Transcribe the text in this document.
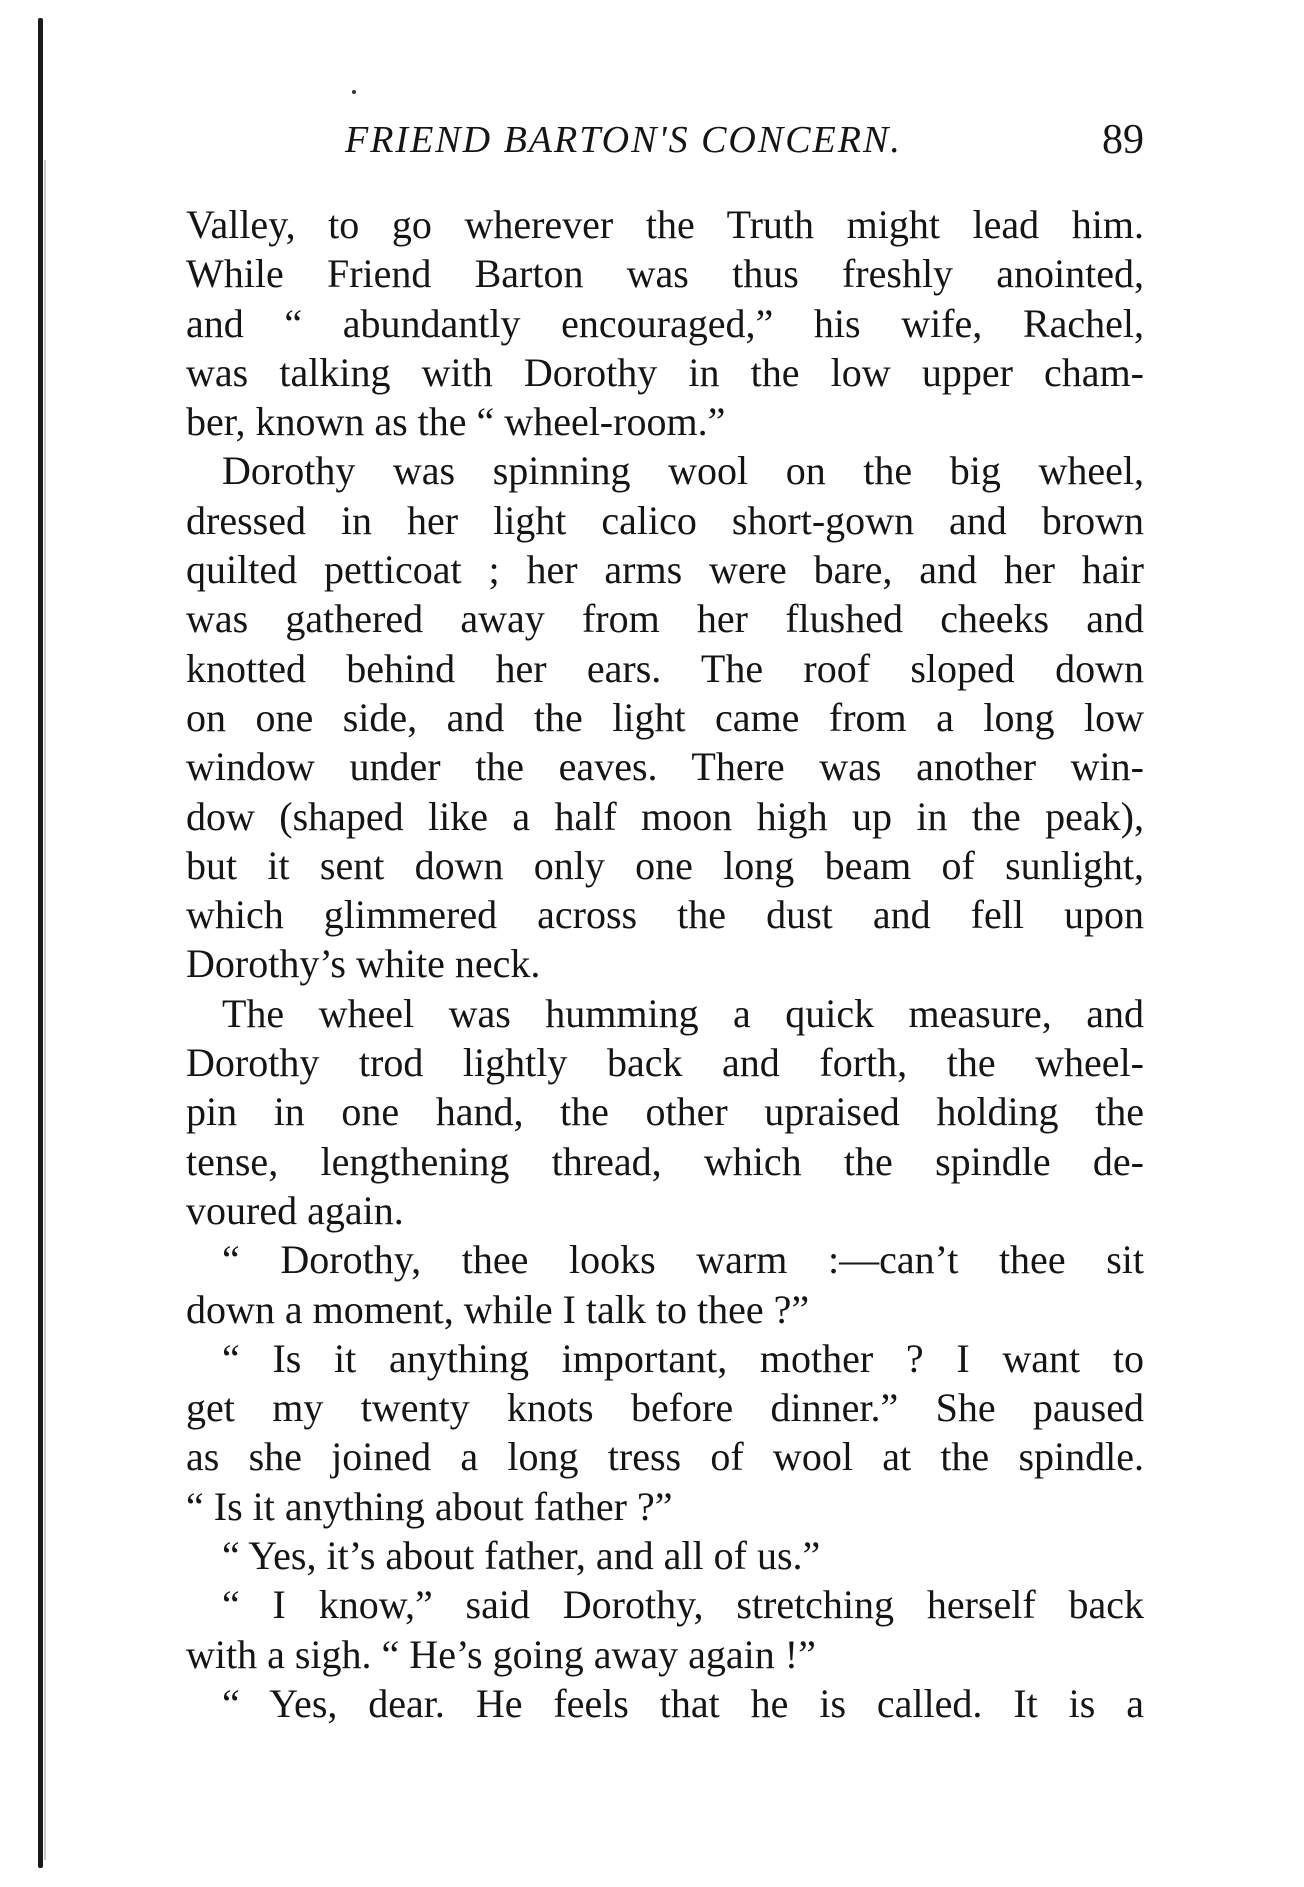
FRIEND BARTON'S CONCERN.	89
Valley, to go wherever the Truth might lead him.
While Friend Barton was thus freshly anointed,
and “ abundantly encouraged,” his wife, Rachel,
was talking with Dorothy in the low upper cham-
ber, known as the “ wheel-room.”
Dorothy was spinning wool on the big wheel,
dressed in her light calico short-gown and brown
quilted petticoat ; her arms were bare, and her hair
was gathered away from her flushed cheeks and
knotted behind her ears. The roof sloped down
on one side, and the light came from a long low
window under the eaves. There was another win-
dow (shaped like a half moon high up in the peak),
but it sent down only one long beam of sunlight,
which glimmered across the dust and fell upon
Dorothy’s white neck.
The wheel was humming a quick measure, and
Dorothy trod lightly back and forth, the wheel-
pin in one hand, the other upraised holding the
tense, lengthening thread, which the spindle de-
voured again.
“ Dorothy, thee looks warm :—can’t thee sit
down a moment, while I talk to thee ?”
“ Is it anything important, mother ? I want to
get my twenty knots before dinner.” She paused
as she joined a long tress of wool at the spindle.
“ Is it anything about father ?”
“ Yes, it’s about father, and all of us.”
“ I know,” said Dorothy, stretching herself back
with a sigh. “ He’s going away again !”
“ Yes, dear. He feels that he is called. It is a
